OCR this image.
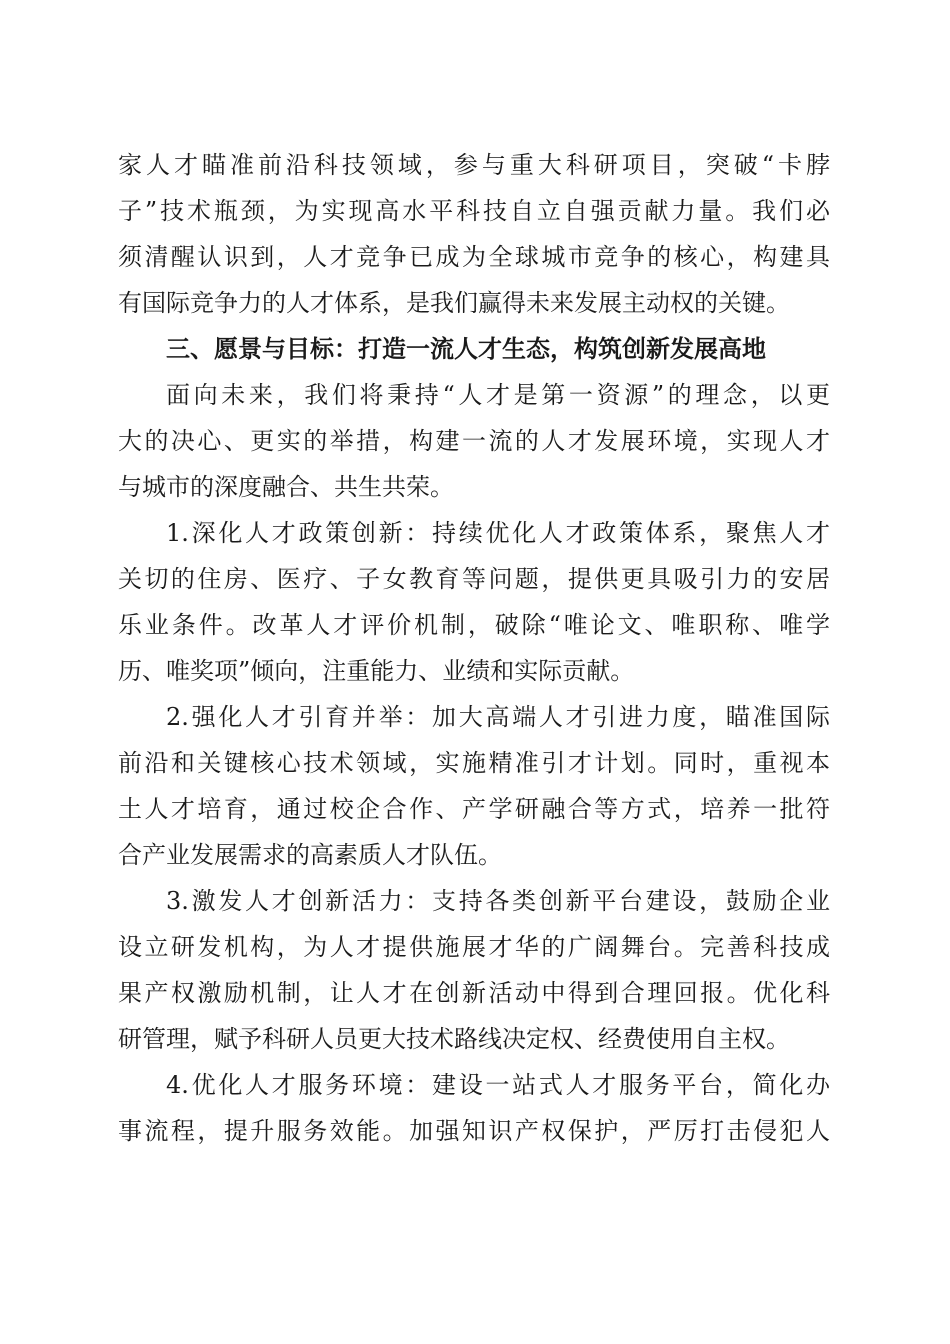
家人才瞄准前沿科技领域，参与重大科研项目，突破“卡脖
子”技术瓶颈，为实现高水平科技自立自强贡献力量。我们必
须清醒认识到，人才竞争已成为全球城市竞争的核心，构建具
有国际竞争力的人才体系，是我们赢得未来发展主动权的关键。
三、愿景与目标：打造一流人才生态，构筑创新发展高地
面向未来，我们将秉持“人才是第一资源”的理念，以更
大的决心、更实的举措，构建一流的人才发展环境，实现人才
与城市的深度融合、共生共荣。
1.深化人才政策创新：持续优化人才政策体系，聚焦人才
关切的住房、医疗、子女教育等问题，提供更具吸引力的安居
乐业条件。改革人才评价机制，破除“唯论文、唯职称、唯学
历、唯奖项”倾向，注重能力、业绩和实际贡献。
2.强化人才引育并举：加大高端人才引进力度，瞄准国际
前沿和关键核心技术领域，实施精准引才计划。同时，重视本
土人才培育，通过校企合作、产学研融合等方式，培养一批符
合产业发展需求的高素质人才队伍。
3.激发人才创新活力：支持各类创新平台建设，鼓励企业
设立研发机构，为人才提供施展才华的广阔舞台。完善科技成
果产权激励机制，让人才在创新活动中得到合理回报。优化科
研管理，赋予科研人员更大技术路线决定权、经费使用自主权。
4.优化人才服务环境：建设一站式人才服务平台，简化办
事流程，提升服务效能。加强知识产权保护，严厉打击侵犯人
